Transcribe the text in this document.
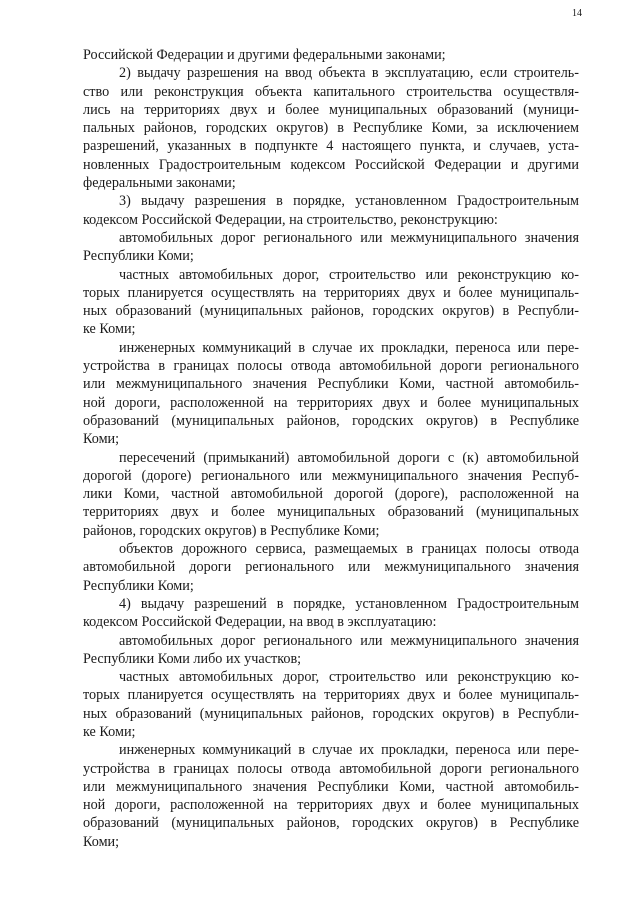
14
Российской Федерации и другими федеральными законами;
2) выдачу разрешения на ввод объекта в эксплуатацию, если строитель-
ство или реконструкция объекта капитального строительства осуществля-
лись на территориях двух и более муниципальных образований (муници-
пальных районов, городских округов) в Республике Коми, за исключением
разрешений, указанных в подпункте 4 настоящего пункта, и случаев, уста-
новленных Градостроительным кодексом Российской Федерации и другими
федеральными законами;
3) выдачу разрешения в порядке, установленном Градостроительным
кодексом Российской Федерации, на строительство, реконструкцию:
автомобильных дорог регионального или межмуниципального значения
Республики Коми;
частных автомобильных дорог, строительство или реконструкцию ко-
торых планируется осуществлять на территориях двух и более муниципаль-
ных образований (муниципальных районов, городских округов) в Республи-
ке Коми;
инженерных коммуникаций в случае их прокладки, переноса или пере-
устройства в границах полосы отвода автомобильной дороги регионального
или межмуниципального значения Республики Коми, частной автомобиль-
ной дороги, расположенной на территориях двух и более муниципальных
образований (муниципальных районов, городских округов) в Республике
Коми;
пересечений (примыканий) автомобильной дороги с (к) автомобильной
дорогой (дороге) регионального или межмуниципального значения Респуб-
лики Коми, частной автомобильной дорогой (дороге), расположенной на
территориях двух и более муниципальных образований (муниципальных
районов, городских округов) в Республике Коми;
объектов дорожного сервиса, размещаемых в границах полосы отвода
автомобильной дороги регионального или межмуниципального значения
Республики Коми;
4) выдачу разрешений в порядке, установленном Градостроительным
кодексом Российской Федерации, на ввод в эксплуатацию:
автомобильных дорог регионального или межмуниципального значения
Республики Коми либо их участков;
частных автомобильных дорог, строительство или реконструкцию ко-
торых планируется осуществлять на территориях двух и более муниципаль-
ных образований (муниципальных районов, городских округов) в Республи-
ке Коми;
инженерных коммуникаций в случае их прокладки, переноса или пере-
устройства в границах полосы отвода автомобильной дороги регионального
или межмуниципального значения Республики Коми, частной автомобиль-
ной дороги, расположенной на территориях двух и более муниципальных
образований (муниципальных районов, городских округов) в Республике
Коми;
